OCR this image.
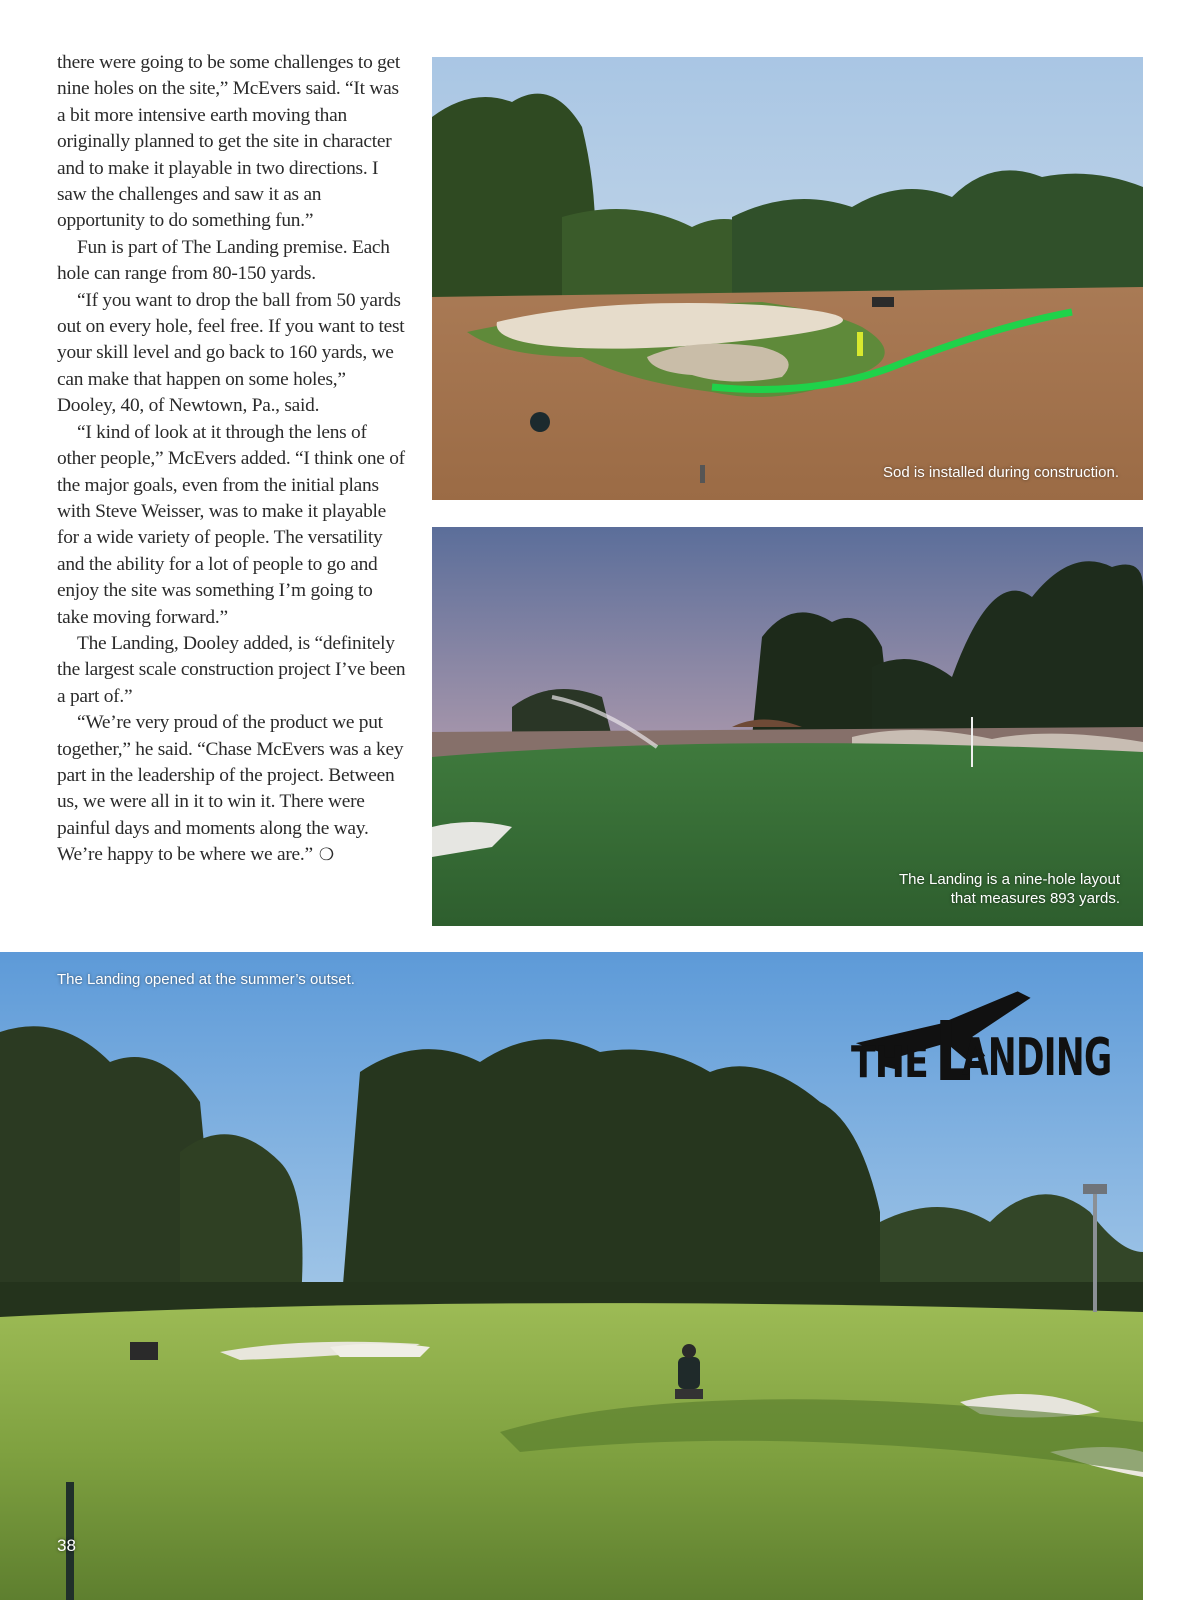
there were going to be some challenges to get nine holes on the site,” McEvers said. “It was a bit more intensive earth moving than originally planned to get the site in character and to make it playable in two directions. I saw the challenges and saw it as an opportunity to do something fun.”

Fun is part of The Landing premise. Each hole can range from 80-150 yards.

“If you want to drop the ball from 50 yards out on every hole, feel free. If you want to test your skill level and go back to 160 yards, we can make that happen on some holes,” Dooley, 40, of Newtown, Pa., said.

“I kind of look at it through the lens of other people,” McEvers added. “I think one of the major goals, even from the initial plans with Steve Weisser, was to make it playable for a wide variety of people. The versatility and the ability for a lot of people to go and enjoy the site was something I’m going to take moving forward.”

The Landing, Dooley added, is “definitely the largest scale construction project I’ve been a part of.”

“We’re very proud of the product we put together,” he said. “Chase McEvers was a key part in the leadership of the project. Between us, we were all in it to win it. There were painful days and moments along the way. We’re happy to be where we are.” ❍

Sod is installed during construction.
The Landing is a nine-hole layout
that measures 893 yards.
The Landing opened at the summer’s outset.
THELANDING
38
